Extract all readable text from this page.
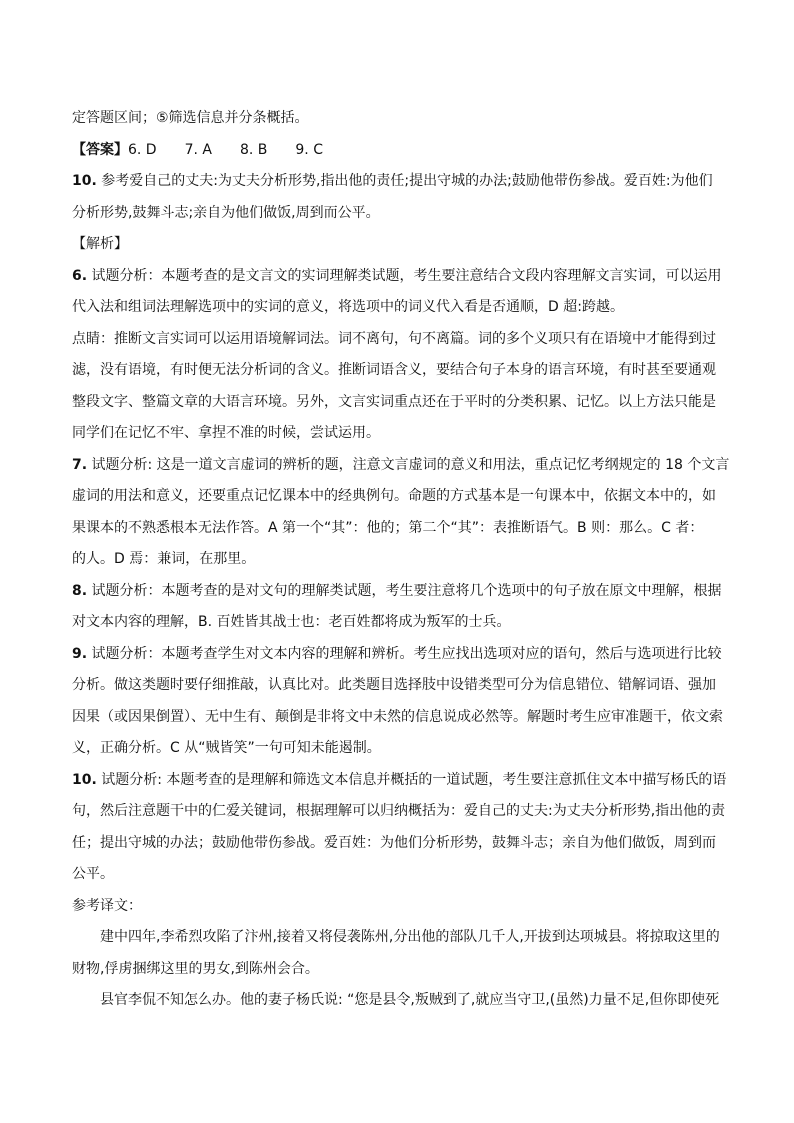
定答题区间；⑤筛选信息并分条概括。

【答案】6. D　　7. A　　8. B　　9. C

10. 参考爱自己的丈夫:为丈夫分析形势,指出他的责任;提出守城的办法;鼓励他带伤参战。爱百姓:为他们

分析形势,鼓舞斗志;亲自为他们做饭,周到而公平。

【解析】

6. 试题分析：本题考查的是文言文的实词理解类试题，考生要注意结合文段内容理解文言实词，可以运用

代入法和组词法理解选项中的实词的意义，将选项中的词义代入看是否通顺，D 超:跨越。

点睛：推断文言实词可以运用语境解词法。词不离句，句不离篇。词的多个义项只有在语境中才能得到过

滤，没有语境，有时便无法分析词的含义。推断词语含义，要结合句子本身的语言环境，有时甚至要通观

整段文字、整篇文章的大语言环境。另外，文言实词重点还在于平时的分类积累、记忆。以上方法只能是

同学们在记忆不牢、拿捏不准的时候，尝试运用。

7. 试题分析: 这是一道文言虚词的辨析的题，注意文言虚词的意义和用法，重点记忆考纲规定的 18 个文言

虚词的用法和意义，还要重点记忆课本中的经典例句。命题的方式基本是一句课本中，依据文本中的，如

果课本的不熟悉根本无法作答。A 第一个“其”：他的；第二个“其”：表推断语气。B 则：那么。C 者：

的人。D 焉：兼词，在那里。

8. 试题分析：本题考查的是对文句的理解类试题，考生要注意将几个选项中的句子放在原文中理解，根据

对文本内容的理解，B. 百姓皆其战士也：老百姓都将成为叛军的士兵。

9. 试题分析：本题考查学生对文本内容的理解和辨析。考生应找出选项对应的语句，然后与选项进行比较

分析。做这类题时要仔细推敲，认真比对。此类题目选择肢中设错类型可分为信息错位、错解词语、强加

因果（或因果倒置）、无中生有、颠倒是非将文中未然的信息说成必然等。解题时考生应审准题干，依文索

义，正确分析。C 从“贼皆笑”一句可知未能遏制。

10. 试题分析: 本题考查的是理解和筛选文本信息并概括的一道试题，考生要注意抓住文本中描写杨氏的语

句，然后注意题干中的仁爱关键词，根据理解可以归纳概括为：爱自己的丈夫:为丈夫分析形势,指出他的责

任；提出守城的办法；鼓励他带伤参战。爱百姓：为他们分析形势，鼓舞斗志；亲自为他们做饭，周到而

公平。

参考译文：

建中四年,李希烈攻陷了汴州,接着又将侵袭陈州,分出他的部队几千人,开拔到达项城县。将掠取这里的

财物,俘虏捆绑这里的男女,到陈州会合。

县官李侃不知怎么办。他的妻子杨氏说: “您是县令,叛贼到了,就应当守卫,(虽然)力量不足,但你即使死
